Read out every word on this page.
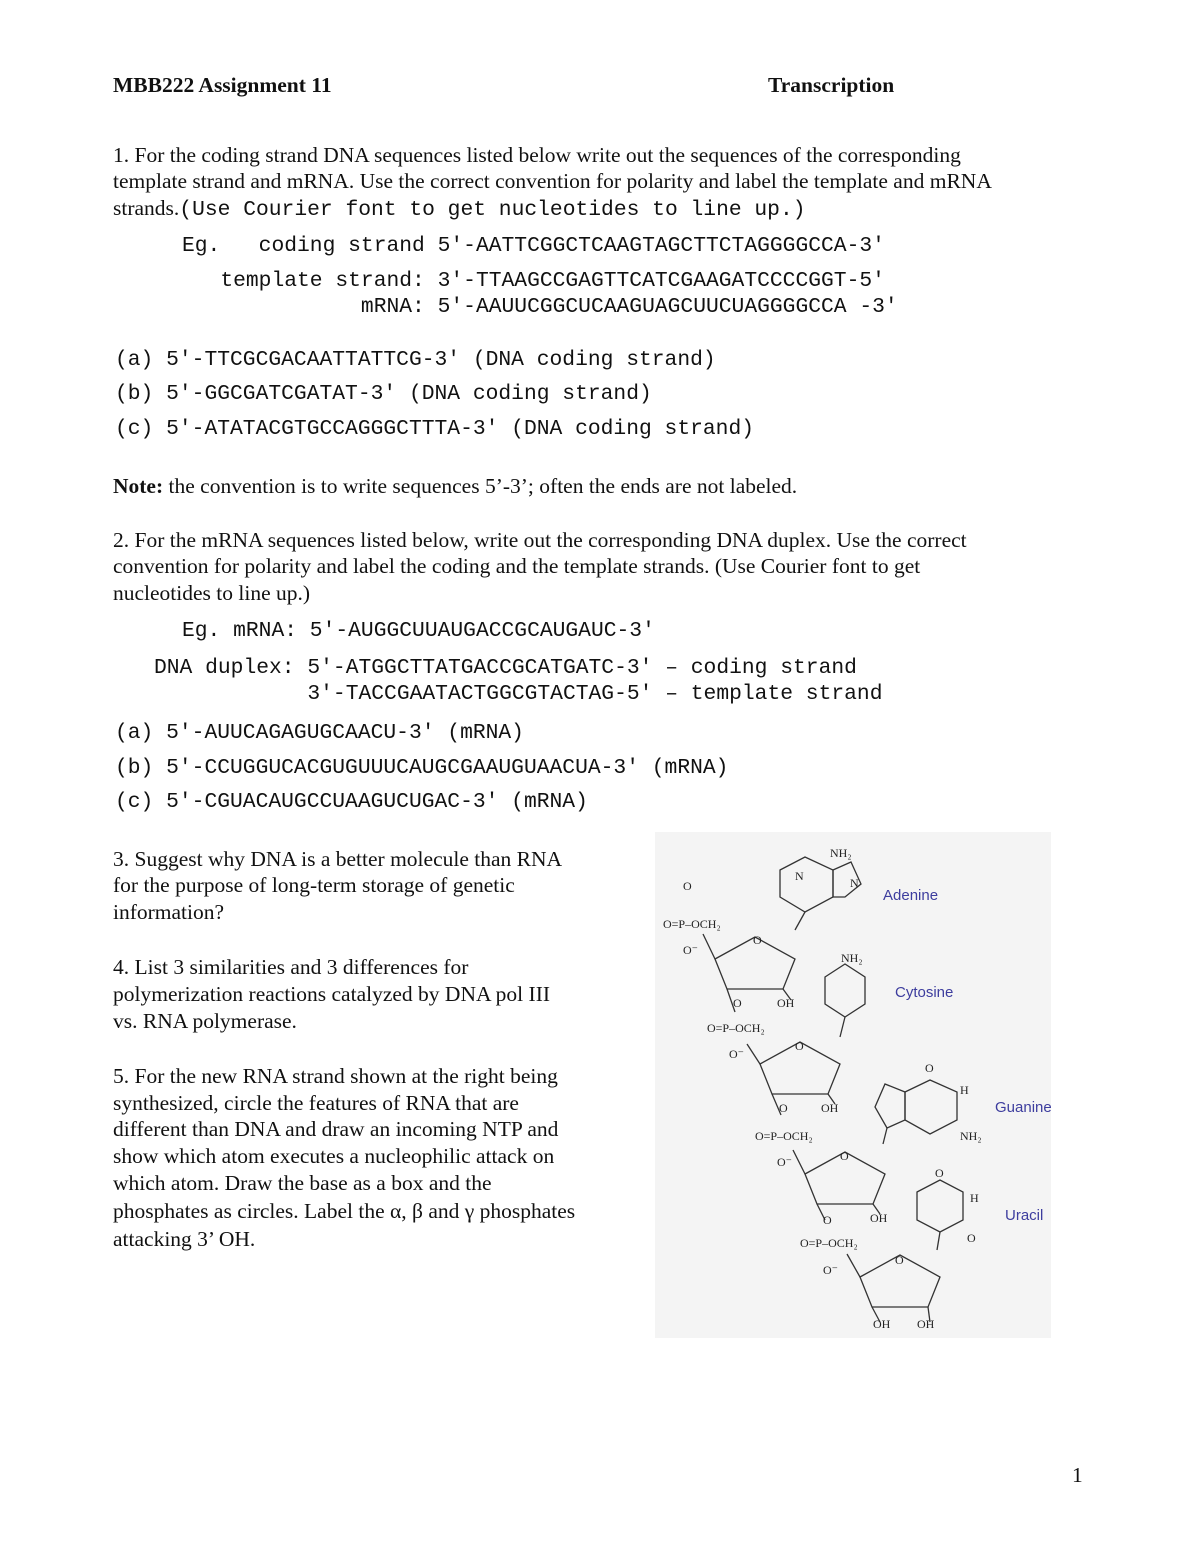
MBB222 Assignment 11	Transcription
1. For the coding strand DNA sequences listed below write out the sequences of the corresponding
template strand and mRNA. Use the correct convention for polarity and label the template and mRNA
strands.(Use Courier font to get nucleotides to line up.)
Eg.   coding strand 5′-AATTCGGCTCAAGTAGCTTCTAGGGGCCA-3′
template strand: 3′-TTAAGCCGAGTTCATCGAAGATCCCCGGT-5′
mRNA: 5′-AAUUCGGCUCAAGUAGCUUCUAGGGGCCA -3′
(a) 5′-TTCGCGACAATTATTCG-3′ (DNA coding strand)
(b) 5′-GGCGATCGATAT-3′ (DNA coding strand)
(c) 5′-ATATACGTGCCAGGGCTTTA-3′ (DNA coding strand)
Note: the convention is to write sequences 5’-3’; often the ends are not labeled.
2. For the mRNA sequences listed below, write out the corresponding DNA duplex. Use the correct
convention for polarity and label the coding and the template strands. (Use Courier font to get
nucleotides to line up.)
Eg. mRNA: 5′-AUGGCUUAUGACCGCAUGAUC-3′
DNA duplex: 5′-ATGGCTTATGACCGCATGATC-3′ – coding strand
3′-TACCGAATACTGGCGTACTAG-5′ – template strand
(a) 5′-AUUCAGAGUGCAACU-3′ (mRNA)
(b) 5′-CCUGGUCACGUGUUUCAUGCGAAUGUAACUA-3′ (mRNA)
(c) 5′-CGUACAUGCCUAAGUCUGAC-3′ (mRNA)
3. Suggest why DNA is a better molecule than RNA
for the purpose of long-term storage of genetic
information?
4. List 3 similarities and 3 differences for
polymerization reactions catalyzed by DNA pol III
vs. RNA polymerase.
5. For the new RNA strand shown at the right being
synthesized, circle the features of RNA that are
different than DNA and draw an incoming NTP and
show which atom executes a nucleophilic attack on
which atom. Draw the base as a box and the
phosphates as circles. Label the α, β and γ phosphates
attacking 3’ OH.
NH₂
N	N
O
O=P–OCH₂
O⁻
O
O	OH
NH₂
O=P–OCH₂
O⁻
O
O	OH
O
H
NH₂
O=P–OCH₂
O⁻	O
O	OH
O
H
O
O=P–OCH₂
O⁻
O
OH OH
Adenine
Cytosine
Guanine
Uracil
1
